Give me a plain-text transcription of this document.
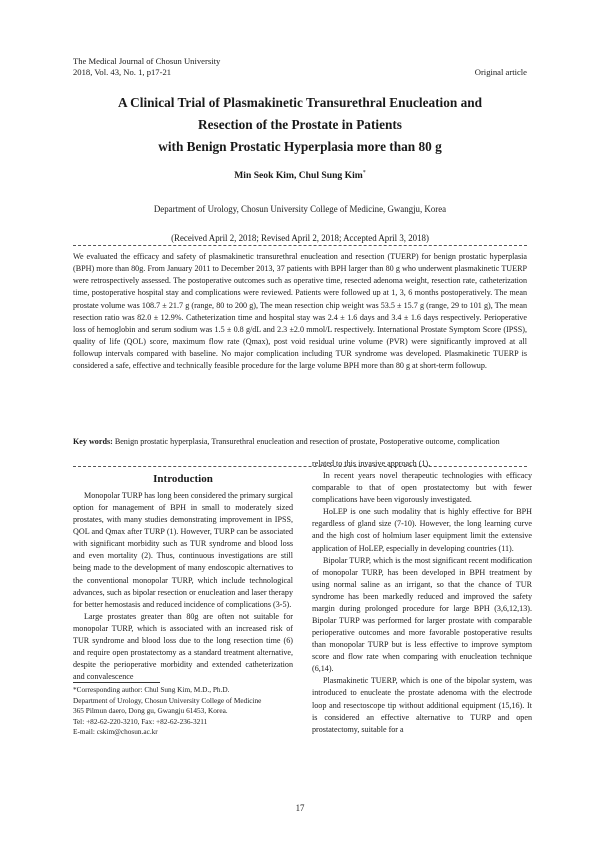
The Medical Journal of Chosun University
2018, Vol. 43, No. 1, p17-21	Original article
A Clinical Trial of Plasmakinetic Transurethral Enucleation and
Resection of the Prostate in Patients
with Benign Prostatic Hyperplasia more than 80 g
Min Seok Kim, Chul Sung Kim*
Department of Urology, Chosun University College of Medicine, Gwangju, Korea
(Received April 2, 2018; Revised April 2, 2018; Accepted April 3, 2018)

We evaluated the efficacy and safety of plasmakinetic transurethral enucleation and resection (TUERP) for benign prostatic hyperplasia (BPH) more than 80g. From January 2011 to December 2013, 37 patients with BPH larger than 80 g who underwent plasmakinetic TUERP were retrospectively assessed. The postoperative outcomes such as operative time, resected adenoma weight, resection rate, catheterization time, postoperative hospital stay and complications were reviewed. Patients were followed up at 1, 3, 6 months postoperatively. The mean prostate volume was 108.7 ± 21.7 g (range, 80 to 200 g), The mean resection chip weight was 53.5 ± 15.7 g (range, 29 to 101 g), The mean resection ratio was 82.0 ± 12.9%. Catheterization time and hospital stay was 2.4 ± 1.6 days and 3.4 ± 1.6 days respectively. Perioperative loss of hemoglobin and serum sodium was 1.5 ± 0.8 g/dL and 2.3 ±2.0 mmol/L respectively. International Prostate Symptom Score (IPSS), quality of life (QOL) score, maximum flow rate (Qmax), post void residual urine volume (PVR) were significantly improved at all followup intervals compared with baseline. No major complication including TUR syndrome was developed. Plasmakinetic TUERP is considered a safe, effective and technically feasible procedure for the large volume BPH more than 80 g at short-term followup.

Key words: Benign prostatic hyperplasia, Transurethral enucleation and resection of prostate, Postoperative outcome, complication

Introduction

Monopolar TURP has long been considered the primary surgical option for management of BPH in small to moderately sized prostates, with many studies demonstrating improvement in IPSS, QOL and Qmax after TURP (1). However, TURP can be associated with significant morbidity such as TUR syndrome and blood loss and even mortality (2). Thus, continuous investigations are still being made to the development of many endoscopic alternatives to the conventional monopolar TURP, which include technological advances, such as bipolar resection or enucleation and laser therapy for better hemostasis and reduced incidence of complications (3-5).

Large prostates greater than 80g are often not suitable for monopolar TURP, which is associated with an increased risk of TUR syndrome and blood loss due to the long resection time (6) and require open prostatectomy as a standard treatment alternative, despite the perioperative morbidity and extended catheterization and convalescence

related to this invasive approach (1).

In recent years novel therapeutic technologies with efficacy comparable to that of open prostatectomy but with fewer complications have been vigorously investigated.

HoLEP is one such modality that is highly effective for BPH regardless of gland size (7-10). However, the long learning curve and the high cost of holmium laser equipment limit the extensive application of HoLEP, especially in developing countries (11).

Bipolar TURP, which is the most significant recent modification of monopolar TURP, has been developed in BPH treatment by using normal saline as an irrigant, so that the chance of TUR syndrome has been markedly reduced and improved the safety margin during prolonged procedure for large BPH (3,6,12,13). Bipolar TURP was performed for larger prostate with comparable perioperative outcomes and more favorable postoperative results than monopolar TURP but is less effective to improve symptom score and flow rate when comparing with enucleation technique (6,14).

Plasmakinetic TUERP, which is one of the bipolar system, was introduced to enucleate the prostate adenoma with the electrode loop and resectoscope tip without additional equipment (15,16). It is considered an effective alternative to TURP and open prostatectomy, suitable for a

*Corresponding author: Chul Sung Kim, M.D., Ph.D.
Department of Urology, Chosun University College of Medicine
365 Pilmun daero, Dong gu, Gwangju 61453, Korea.
Tel: +82-62-220-3210, Fax: +82-62-236-3211
E-mail: cskim@chosun.ac.kr
17
